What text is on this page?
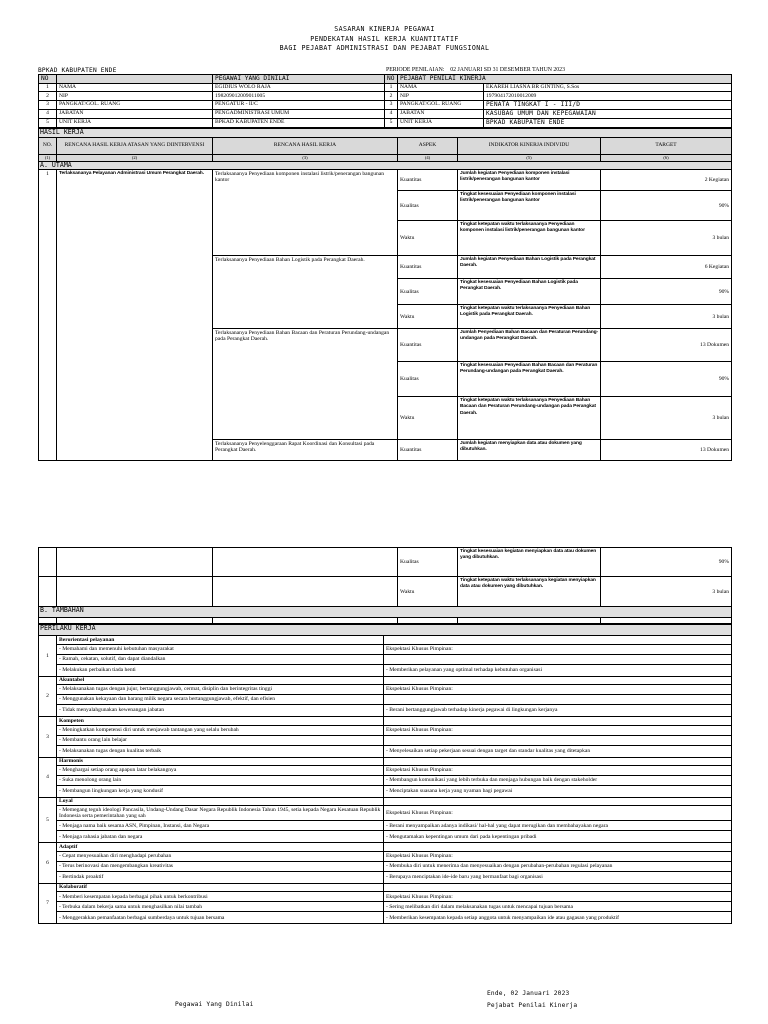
SASARAN KINERJA PEGAWAI
PENDEKATAN HASIL KERJA KUANTITATIF
BAGI PEJABAT ADMINISTRASI DAN PEJABAT FUNGSIONAL
BPKAD KABUPATEN ENDE	PERIODE PENILAIAN: 02 JANUARI SD 31 DESEMBER TAHUN 2023
NO		PEGAWAI YANG DINILAI	NO	PEJABAT PENILAI KINERJA	
1	NAMA	EGIDIUS WOLO RAJA	1	NAMA	EKAREH LIASNA BR GINTING, S.Sos
2	NIP	198209012009011005	2	NIP	197904172010012009
3	PANGKAT/GOL. RUANG	PENGATUR - II/C	3	PANGKAT/GOL. RUANG	PENATA TINGKAT I - III/D
4	JABATAN	PENGADMINISTRASI UMUM	4	JABATAN	KASUBAG UMUM DAN KEPEGAWAIAN
5	UNIT KERJA	BPKAD KABUPATEN ENDE	5	UNIT KERJA	BPKAD KABUPATEN ENDE
HASIL KERJA					
NO.	RENCANA HASIL KERJA ATASAN YANG DIINTERVENSI	RENCANA HASIL KERJA	ASPEK	INDIKATOR KINERJA INDIVIDU	TARGET
(1)	(2)	(3)	(4)	(5)	(6)
A. UTAMA					
1	Terlaksananya Pelayanan Administrasi Umum Perangkat Daerah.	Terlaksananya Penyediaan komponen instalasi listrik/penerangan bangunan kantor	Kuantitas	Jumlah kegiatan Penyediaan komponen instalasi listrik/penerangan bangunan kantor	2 Kegiatan
			Kualitas	Tingkat kesesuaian Penyediaan komponen instalasi listrik/penerangan bangunan kantor	90%
			Waktu	Tingkat ketepatan waktu terlaksananya Penyediaan komponen instalasi listrik/penerangan bangunan kantor	3 bulan
		Terlaksananya Penyediaan Bahan Logistik pada Perangkat Daerah.	Kuantitas	Jumlah kegiatan Penyediaan Bahan Logistik pada Perangkat Daerah.	6 Kegiatan
			Kualitas	Tingkat kesesuaian Penyediaan Bahan Logistik pada Perangkat Daerah.	90%
			Waktu	Tingkat ketepatan waktu terlaksananya Penyediaan Bahan Logistik pada Perangkat Daerah.	3 bulan
		Terlaksananya Penyediaan Bahan Bacaan dan Peraturan Perundang-undangan pada Perangkat Daerah.	Kuantitas	Jumlah Penyediaan Bahan Bacaan dan Peraturan Perundang-undangan pada Perangkat Daerah.	13 Dokumen
			Kualitas	Tingkat kesesuaian Penyediaan Bahan Bacaan dan Peraturan Perundang-undangan pada Perangkat Daerah.	90%
			Waktu	Tingkat ketepatan waktu terlaksananya Penyediaan Bahan Bacaan dan Peraturan Perundang-undangan pada Perangkat Daerah.	3 bulan
		Terlaksananya Penyelenggaraan Rapat Koordinasi dan Konsultasi pada Perangkat Daerah.	Kuantitas	Jumlah kegiatan menyiapkan data atau dokumen yang dibutuhkan.	13 Dokumen
			Kualitas	Tingkat kesesuaian kegiatan menyiapkan data atau dokumen yang dibutuhkan.	90%
			Waktu	Tingkat ketepatan waktu terlaksananya kegiatan menyiapkan data atau dokumen yang dibutuhkan.	3 bulan
B. TAMBAHAN					

PERILAKU KERJA		
1	Berorientasi pelayanan	
	- Memahami dan memenuhi kebutuhan masyarakat	Ekspektasi Khusus Pimpinan:
	- Ramah, cekatan, solutif, dan dapat diandalkan	
	- Melakukan perbaikan tiada henti	- Memberikan pelayanan yang optimal terhadap kebutuhan organisasi
2	Akuntabel	
	- Melaksanakan tugas dengan jujur, bertanggungjawab, cermat, disiplin dan berintegritas tinggi	Ekspektasi Khusus Pimpinan:
	- Menggunakan kekayaan dan barang milik negara secara bertanggungjawab, efektif, dan efisien	
	- Tidak menyalahgunakan kewenangan jabatan	- Berani bertanggungjawab terhadap kinerja pegawai di lingkungan kerjanya
3	Kompeten	
	- Meningkatkan kompetensi diri untuk menjawab tantangan yang selalu berubah	Ekspektasi Khusus Pimpinan:
	- Membantu orang lain belajar	
	- Melaksanakan tugas dengan kualitas terbaik	- Menyelesaikan setiap pekerjaan sesuai dengan target dan standar kualitas yang ditetapkan
4	Harmonis	
	- Menghargai setiap orang apapun latar belakangnya	Ekspektasi Khusus Pimpinan:
	- Suka menolong orang lain	- Membangun komunikasi yang lebih terbuka dan menjaga hubungan baik dengan stakeholder
	- Membangun lingkungan kerja yang kondusif	- Menciptakan suasana kerja yang nyaman bagi pegawai
5	Loyal	
	- Memegang teguh ideologi Pancasila, Undang-Undang Dasar Negara Republik Indonesia Tahun 1945, setia kepada Negara Kesatuan Republik Indonesia serta pemerintahan yang sah	Ekspektasi Khusus Pimpinan:
	- Menjaga nama baik sesama ASN, Pimpinan, Instansi, dan Negara	- Berani menyampaikan adanya indikasi/ hal-hal yang dapat merugikan dan membahayakan negara
	- Menjaga rahasia jabatan dan negara	- Mengutamakan kepentingan umum dari pada kepentingan pribadi
6	Adaptif	
	- Cepat menyesuaikan diri menghadapi perubahan	Ekspektasi Khusus Pimpinan:
	- Terus berinovasi dan mengembangkan kreativitas	- Membuka diri untuk menerima dan menyesuaikan dengan perubahan-perubahan regulasi pelayanan
	- Bertindak proaktif	- Berupaya menciptakan ide-ide baru yang bermanfaat bagi organisasi
7	Kolaboratif	
	- Memberi kesempatan kepada berbagai pihak untuk berkontribusi	Ekspektasi Khusus Pimpinan:
	- Terbuka dalam bekerja sama untuk menghasilkan nilai tambah	- Sering melibatkan diri dalam melaksanakan tugas untuk mencapai tujuan bersama
	- Menggerakkan pemanfaatan berbagai sumberdaya untuk tujuan bersama	- Memberikan kesempatan kepada setiap anggota untuk menyampaikan ide atau gagasan yang produktif
Ende, 02 Januari 2023
Pegawai Yang Dinilai	Pejabat Penilai Kinerja
